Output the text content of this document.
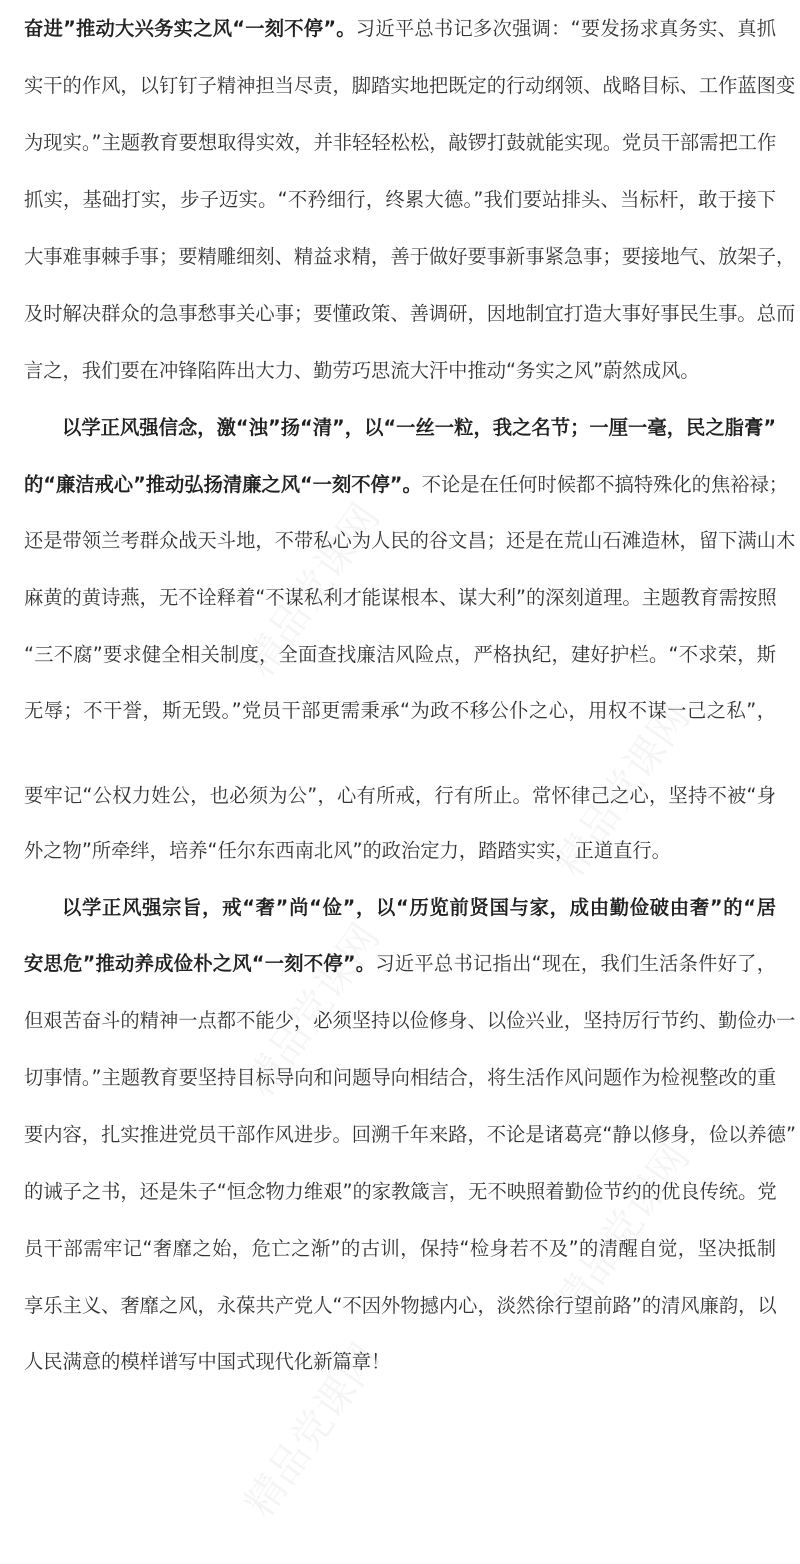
奋进”推动大兴务实之风“一刻不停”。习近平总书记多次强调：“要发扬求真务实、真抓
实干的作风，以钉钉子精神担当尽责，脚踏实地把既定的行动纲领、战略目标、工作蓝图变
为现实。”主题教育要想取得实效，并非轻轻松松，敲锣打鼓就能实现。党员干部需把工作
抓实，基础打实，步子迈实。“不矜细行，终累大德。”我们要站排头、当标杆，敢于接下
大事难事棘手事；要精雕细刻、精益求精，善于做好要事新事紧急事；要接地气、放架子，
及时解决群众的急事愁事关心事；要懂政策、善调研，因地制宜打造大事好事民生事。总而
言之，我们要在冲锋陷阵出大力、勤劳巧思流大汗中推动“务实之风”蔚然成风。
以学正风强信念，激“浊”扬“清”，以“一丝一粒，我之名节；一厘一毫，民之脂膏”
的“廉洁戒心”推动弘扬清廉之风“一刻不停”。不论是在任何时候都不搞特殊化的焦裕禄；
还是带领兰考群众战天斗地，不带私心为人民的谷文昌；还是在荒山石滩造林，留下满山木
麻黄的黄诗燕，无不诠释着“不谋私利才能谋根本、谋大利”的深刻道理。主题教育需按照
“三不腐”要求健全相关制度，全面查找廉洁风险点，严格执纪，建好护栏。“不求荣，斯
无辱；不干誉，斯无毁。”党员干部更需秉承“为政不移公仆之心，用权不谋一己之私”，
要牢记“公权力姓公，也必须为公”，心有所戒，行有所止。常怀律己之心，坚持不被“身
外之物”所牵绊，培养“任尔东西南北风”的政治定力，踏踏实实，正道直行。
以学正风强宗旨，戒“奢”尚“俭”，以“历览前贤国与家，成由勤俭破由奢”的“居
安思危”推动养成俭朴之风“一刻不停”。习近平总书记指出“现在，我们生活条件好了，
但艰苦奋斗的精神一点都不能少，必须坚持以俭修身、以俭兴业，坚持厉行节约、勤俭办一
切事情。”主题教育要坚持目标导向和问题导向相结合，将生活作风问题作为检视整改的重
要内容，扎实推进党员干部作风进步。回溯千年来路，不论是诸葛亮“静以修身，俭以养德”
的诫子之书，还是朱子“恒念物力维艰”的家教箴言，无不映照着勤俭节约的优良传统。党
员干部需牢记“奢靡之始，危亡之渐”的古训，保持“检身若不及”的清醒自觉，坚决抵制
享乐主义、奢靡之风，永葆共产党人“不因外物撼内心，淡然徐行望前路”的清风廉韵，以
人民满意的模样谱写中国式现代化新篇章！
